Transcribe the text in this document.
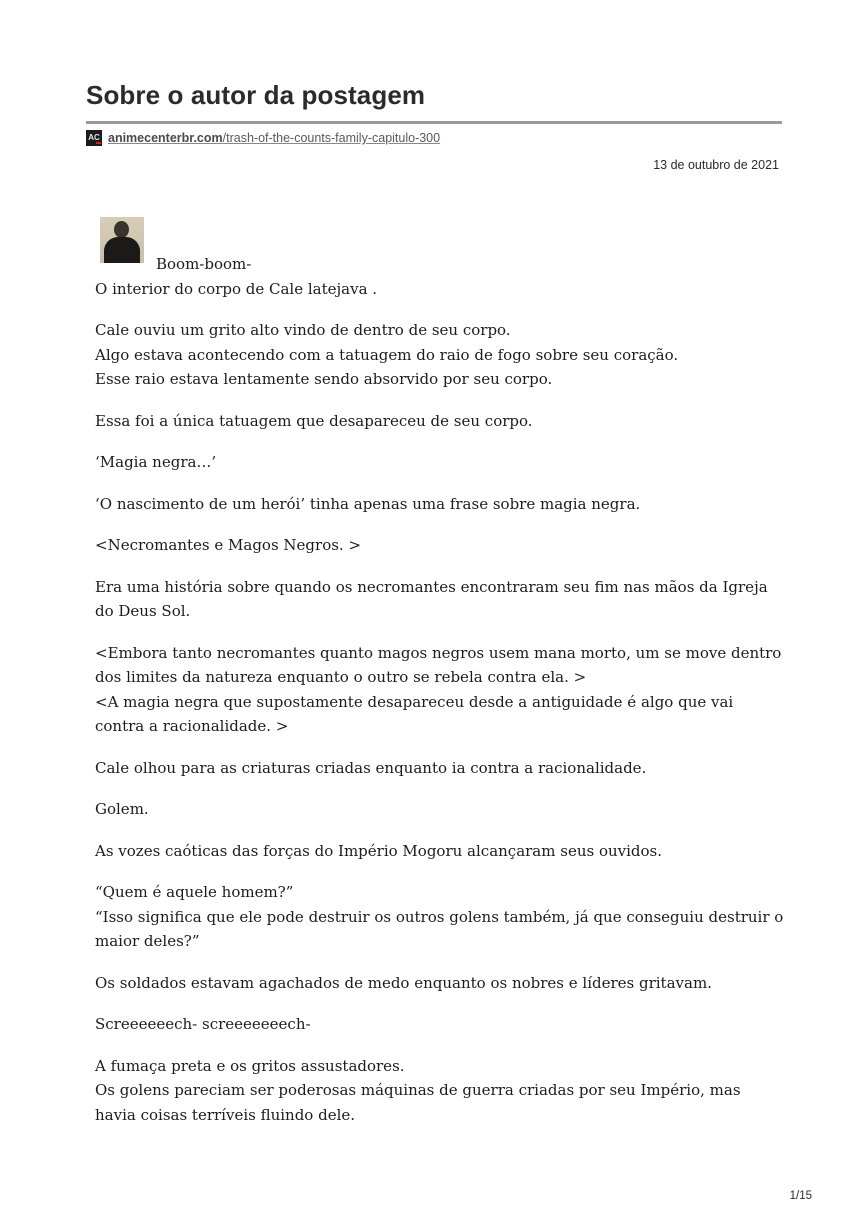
Sobre o autor da postagem
AC animecenterbr.com/trash-of-the-counts-family-capitulo-300
13 de outubro de 2021

Boom-boom-

O interior do corpo de Cale latejava .

Cale ouviu um grito alto vindo de dentro de seu corpo.
Algo estava acontecendo com a tatuagem do raio de fogo sobre seu coração.
Esse raio estava lentamente sendo absorvido por seu corpo.

Essa foi a única tatuagem que desapareceu de seu corpo.

‘Magia negra…’

‘O nascimento de um herói’ tinha apenas uma frase sobre magia negra.

<Necromantes e Magos Negros. >

Era uma história sobre quando os necromantes encontraram seu fim nas mãos da Igreja do Deus Sol.

<Embora tanto necromantes quanto magos negros usem mana morto, um se move dentro dos limites da natureza enquanto o outro se rebela contra ela. >
<A magia negra que supostamente desapareceu desde a antiguidade é algo que vai contra a racionalidade. >

Cale olhou para as criaturas criadas enquanto ia contra a racionalidade.

Golem.

As vozes caóticas das forças do Império Mogoru alcançaram seus ouvidos.

“Quem é aquele homem?”
“Isso significa que ele pode destruir os outros golens também, já que conseguiu destruir o maior deles?”

Os soldados estavam agachados de medo enquanto os nobres e líderes gritavam.

Screeeeeech- screeeeeeech-

A fumaça preta e os gritos assustadores.
Os golens pareciam ser poderosas máquinas de guerra criadas por seu Império, mas havia coisas terríveis fluindo dele.

1/15
